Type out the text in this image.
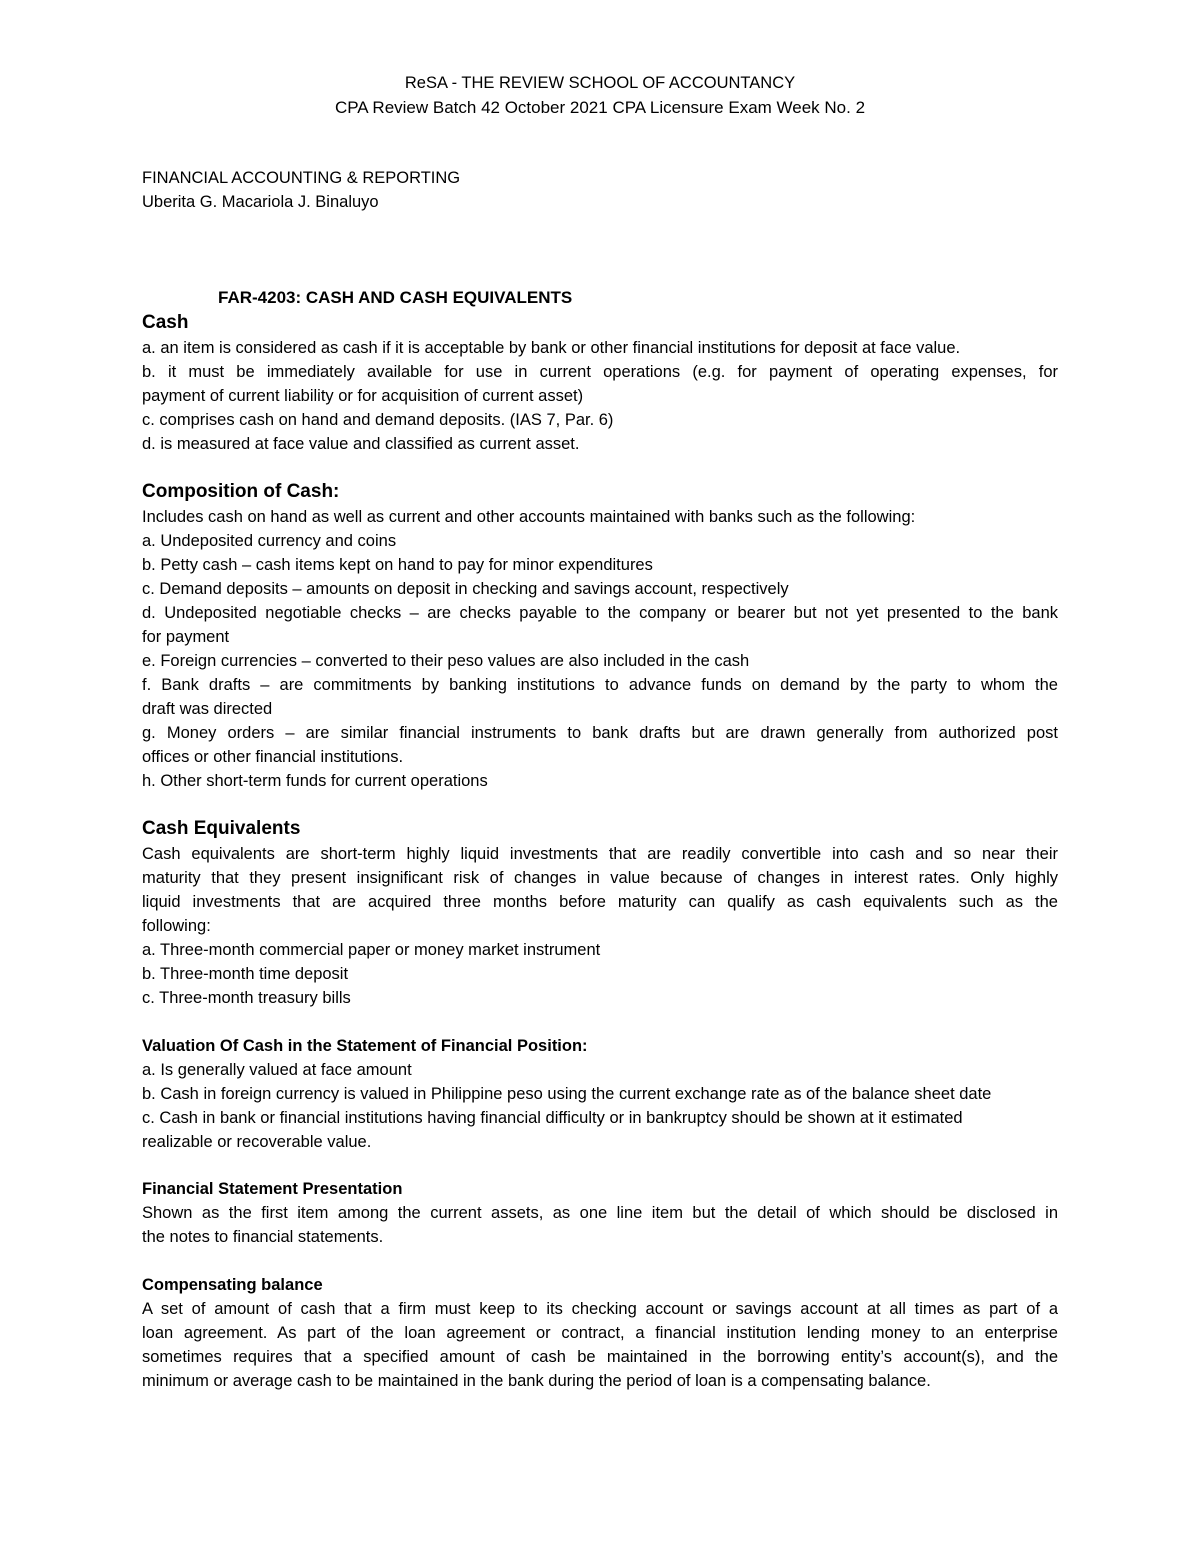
ReSA - THE REVIEW SCHOOL OF ACCOUNTANCY
CPA Review Batch 42 October 2021 CPA Licensure Exam Week No. 2
FINANCIAL ACCOUNTING & REPORTING
Uberita G. Macariola J. Binaluyo
FAR-4203: CASH AND CASH EQUIVALENTS
Cash
a. an item is considered as cash if it is acceptable by bank or other financial institutions for deposit at face value.
b. it must be immediately available for use in current operations (e.g. for payment of operating expenses, for
payment of current liability or for acquisition of current asset)
c. comprises cash on hand and demand deposits. (IAS 7, Par. 6)
d. is measured at face value and classified as current asset.
Composition of Cash:
Includes cash on hand as well as current and other accounts maintained with banks such as the following:
a. Undeposited currency and coins
b. Petty cash – cash items kept on hand to pay for minor expenditures
c. Demand deposits – amounts on deposit in checking and savings account, respectively
d. Undeposited negotiable checks – are checks payable to the company or bearer but not yet presented to the bank
for payment
e. Foreign currencies – converted to their peso values are also included in the cash
f. Bank drafts – are commitments by banking institutions to advance funds on demand by the party to whom the
draft was directed
g. Money orders – are similar financial instruments to bank drafts but are drawn generally from authorized post
offices or other financial institutions.
h. Other short-term funds for current operations
Cash Equivalents
Cash equivalents are short-term highly liquid investments that are readily convertible into cash and so near their
maturity that they present insignificant risk of changes in value because of changes in interest rates. Only highly
liquid investments that are acquired three months before maturity can qualify as cash equivalents such as the
following:
a. Three-month commercial paper or money market instrument
b. Three-month time deposit
c. Three-month treasury bills
Valuation Of Cash in the Statement of Financial Position:
a. Is generally valued at face amount
b. Cash in foreign currency is valued in Philippine peso using the current exchange rate as of the balance sheet date
c. Cash in bank or financial institutions having financial difficulty or in bankruptcy should be shown at it estimated
realizable or recoverable value.
Financial Statement Presentation
Shown as the first item among the current assets, as one line item but the detail of which should be disclosed in
the notes to financial statements.
Compensating balance
A set of amount of cash that a firm must keep to its checking account or savings account at all times as part of a
loan agreement. As part of the loan agreement or contract, a financial institution lending money to an enterprise
sometimes requires that a specified amount of cash be maintained in the borrowing entity’s account(s), and the
minimum or average cash to be maintained in the bank during the period of loan is a compensating balance.
